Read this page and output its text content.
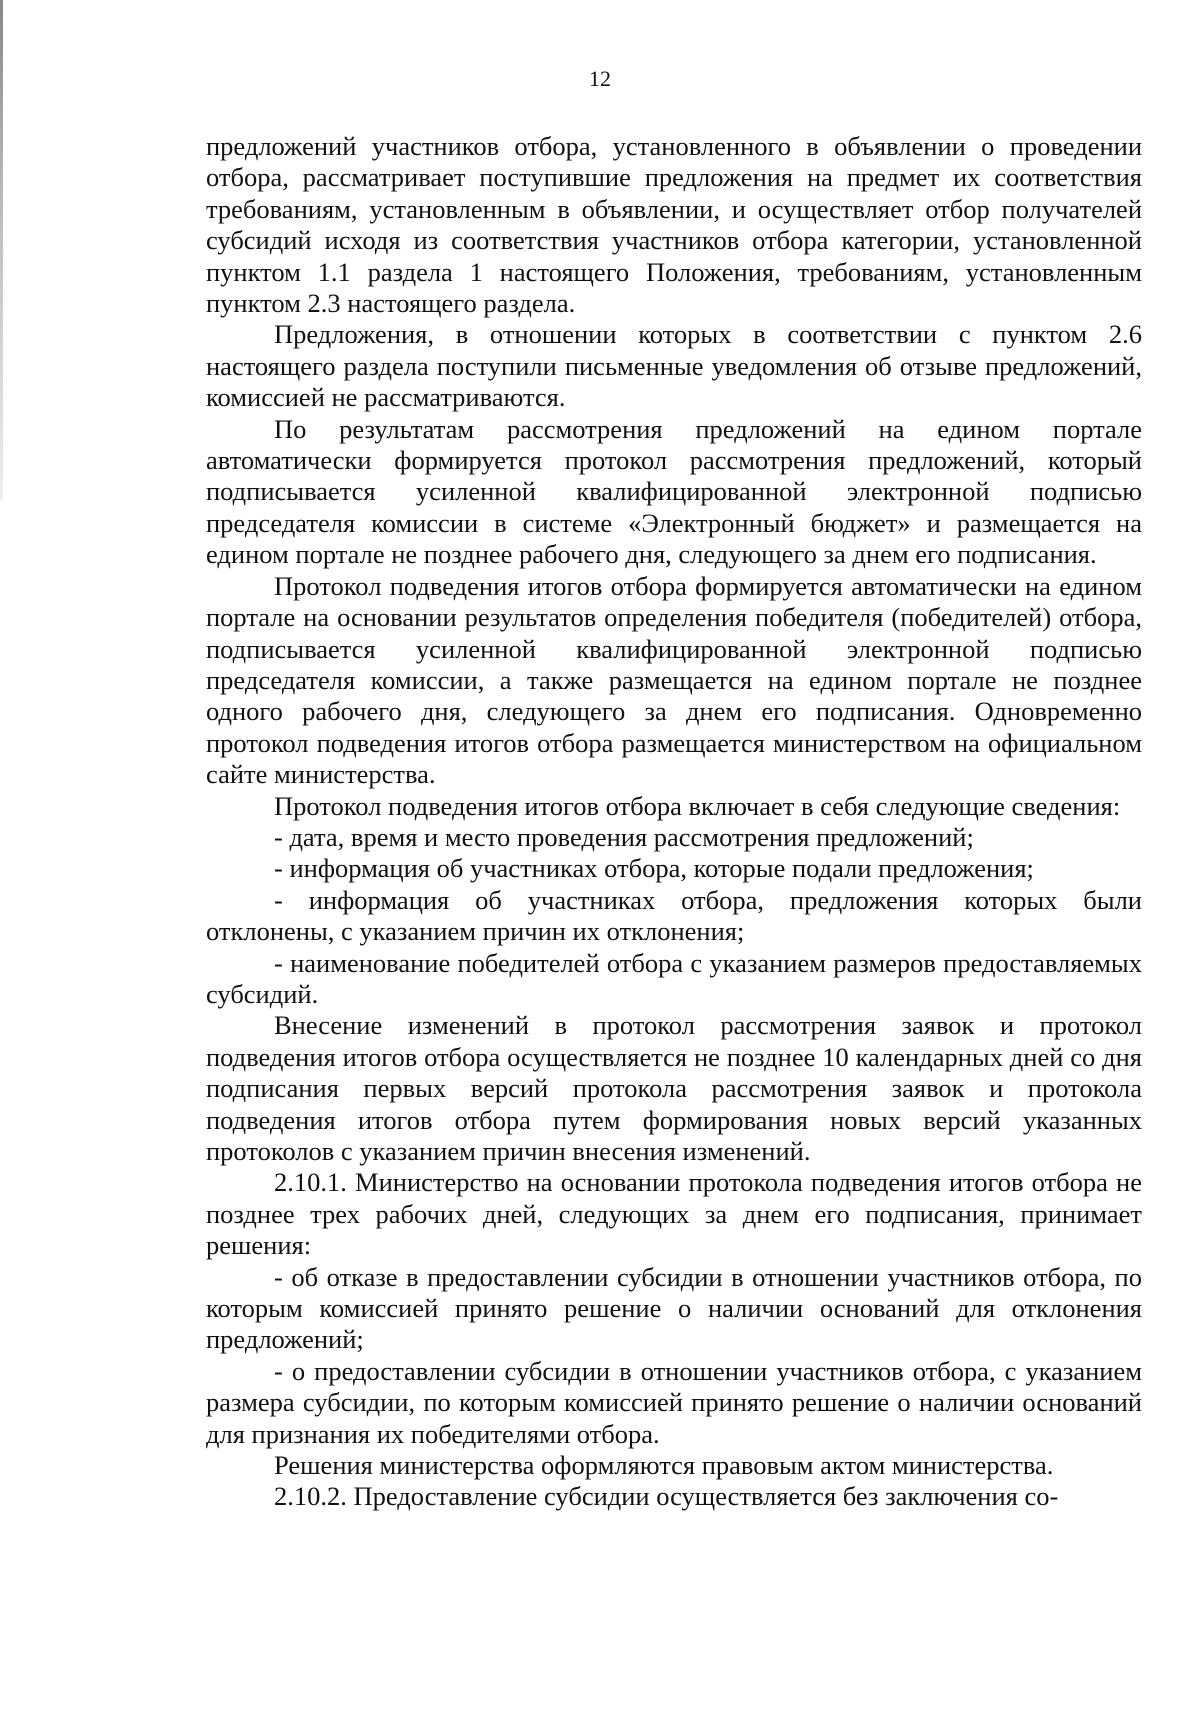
12

предложений участников отбора, установленного в объявлении о проведении отбора, рассматривает поступившие предложения на предмет их соответствия требованиям, установленным в объявлении, и осуществляет отбор получателей субсидий исходя из соответствия участников отбора категории, установленной пунктом 1.1 раздела 1 настоящего Положения, требованиям, установленным пунктом 2.3 настоящего раздела.

Предложения, в отношении которых в соответствии с пунктом 2.6 настоящего раздела поступили письменные уведомления об отзыве предложений, комиссией не рассматриваются.

По результатам рассмотрения предложений на едином портале автоматически формируется протокол рассмотрения предложений, который подписывается усиленной квалифицированной электронной подписью председателя комиссии в системе «Электронный бюджет» и размещается на едином портале не позднее рабочего дня, следующего за днем его подписания.

Протокол подведения итогов отбора формируется автоматически на едином портале на основании результатов определения победителя (победителей) отбора, подписывается усиленной квалифицированной электронной подписью председателя комиссии, а также размещается на едином портале не позднее одного рабочего дня, следующего за днем его подписания. Одновременно протокол подведения итогов отбора размещается министерством на официальном сайте министерства.

Протокол подведения итогов отбора включает в себя следующие сведения:

- дата, время и место проведения рассмотрения предложений;

- информация об участниках отбора, которые подали предложения;

- информация об участниках отбора, предложения которых были отклонены, с указанием причин их отклонения;

- наименование победителей отбора с указанием размеров предоставляемых субсидий.

Внесение изменений в протокол рассмотрения заявок и протокол подведения итогов отбора осуществляется не позднее 10 календарных дней со дня подписания первых версий протокола рассмотрения заявок и протокола подведения итогов отбора путем формирования новых версий указанных протоколов с указанием причин внесения изменений.

2.10.1. Министерство на основании протокола подведения итогов отбора не позднее трех рабочих дней, следующих за днем его подписания, принимает решения:

- об отказе в предоставлении субсидии в отношении участников отбора, по которым комиссией принято решение о наличии оснований для отклонения предложений;

- о предоставлении субсидии в отношении участников отбора, с указанием размера субсидии, по которым комиссией принято решение о наличии оснований для признания их победителями отбора.

Решения министерства оформляются правовым актом министерства.

2.10.2. Предоставление субсидии осуществляется без заключения со-
